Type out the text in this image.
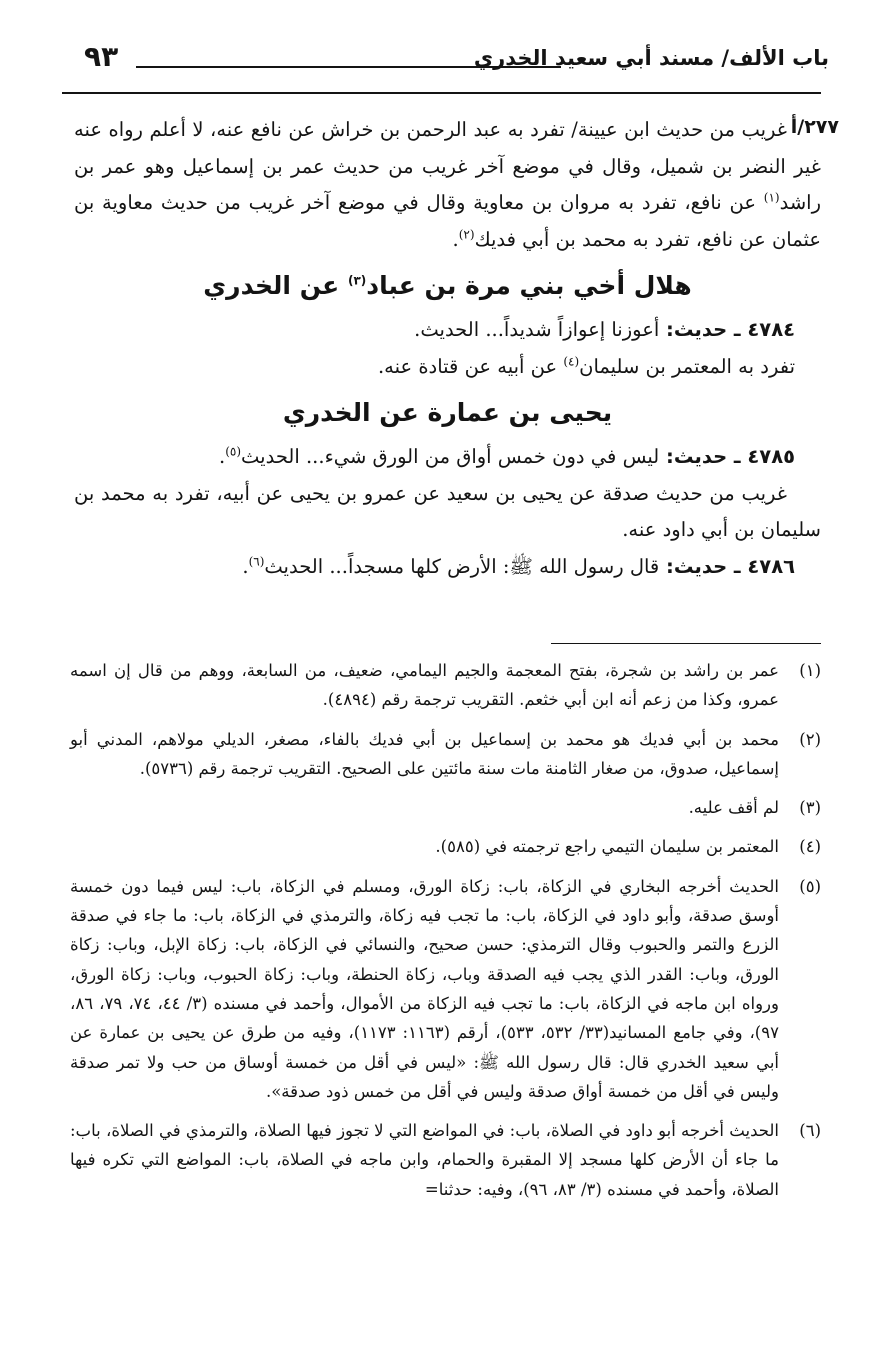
باب الألف/ مسند أبي سعيد الخدري
٩٣
٢٧٧/أ

غريب من حديث ابن عيينة/ تفرد به عبد الرحمن بن خراش عن نافع عنه، لا أعلم رواه عنه غير النضر بن شميل، وقال في موضع آخر غريب من حديث عمر بن إسماعيل وهو عمر بن راشد$^{(١)}$ عن نافع، تفرد به مروان بن معاوية وقال في موضع آخر غريب من حديث معاوية بن عثمان عن نافع، تفرد به محمد بن أبي فديك$^{(٢)}$.

هلال أخي بني مرة بن عباد$^{(٣)}$ عن الخدري

٤٧٨٤ ـ حديث: أعوزنا إعوازاً شديداً... الحديث.

تفرد به المعتمر بن سليمان$^{(٤)}$ عن أبيه عن قتادة عنه.

يحيى بن عمارة عن الخدري

٤٧٨٥ ـ حديث: ليس في دون خمس أواق من الورق شيء... الحديث$^{(٥)}$.

غريب من حديث صدقة عن يحيى بن سعيد عن عمرو بن يحيى عن أبيه، تفرد به محمد بن سليمان بن أبي داود عنه.

٤٧٨٦ ـ حديث: قال رسول الله ﷺ: الأرض كلها مسجداً... الحديث$^{(٦)}$.

(١)
عمر بن راشد بن شجرة، بفتح المعجمة والجيم اليمامي، ضعيف، من السابعة، ووهم من قال إن اسمه عمرو، وكذا من زعم أنه ابن أبي خثعم. التقريب ترجمة رقم (٤٨٩٤).
(٢)
محمد بن أبي فديك هو محمد بن إسماعيل بن أبي فديك بالفاء، مصغر، الديلي مولاهم، المدني أبو إسماعيل، صدوق، من صغار الثامنة مات سنة مائتين على الصحيح. التقريب ترجمة رقم (٥٧٣٦).
(٣)
لم أقف عليه.
(٤)
المعتمر بن سليمان التيمي راجع ترجمته في (٥٨٥).
(٥)
الحديث أخرجه البخاري في الزكاة، باب: زكاة الورق، ومسلم في الزكاة، باب: ليس فيما دون خمسة أوسق صدقة، وأبو داود في الزكاة، باب: ما تجب فيه زكاة، والترمذي في الزكاة، باب: ما جاء في صدقة الزرع والتمر والحبوب وقال الترمذي: حسن صحيح، والنسائي في الزكاة، باب: زكاة الإبل، وباب: زكاة الورق، وباب: القدر الذي يجب فيه الصدقة وباب، زكاة الحنطة، وباب: زكاة الحبوب، وباب: زكاة الورق، ورواه ابن ماجه في الزكاة، باب: ما تجب فيه الزكاة من الأموال، وأحمد في مسنده (٣/ ٤٤، ٧٤، ٧٩، ٨٦، ٩٧)، وفي جامع المسانيد(٣٣/ ٥٣٢، ٥٣٣)، أرقم (١١٦٣: ١١٧٣)، وفيه من طرق عن يحيى بن عمارة عن أبي سعيد الخدري قال: قال رسول الله ﷺ: «ليس في أقل من خمسة أوساق من حب ولا تمر صدقة وليس في أقل من خمسة أواق صدقة وليس في أقل من خمس ذود صدقة».
(٦)
الحديث أخرجه أبو داود في الصلاة، باب: في المواضع التي لا تجوز فيها الصلاة، والترمذي في الصلاة، باب: ما جاء أن الأرض كلها مسجد إلا المقبرة والحمام، وابن ماجه في الصلاة، باب: المواضع التي تكره فيها الصلاة، وأحمد في مسنده (٣/ ٨٣، ٩٦)، وفيه: حدثنا=
